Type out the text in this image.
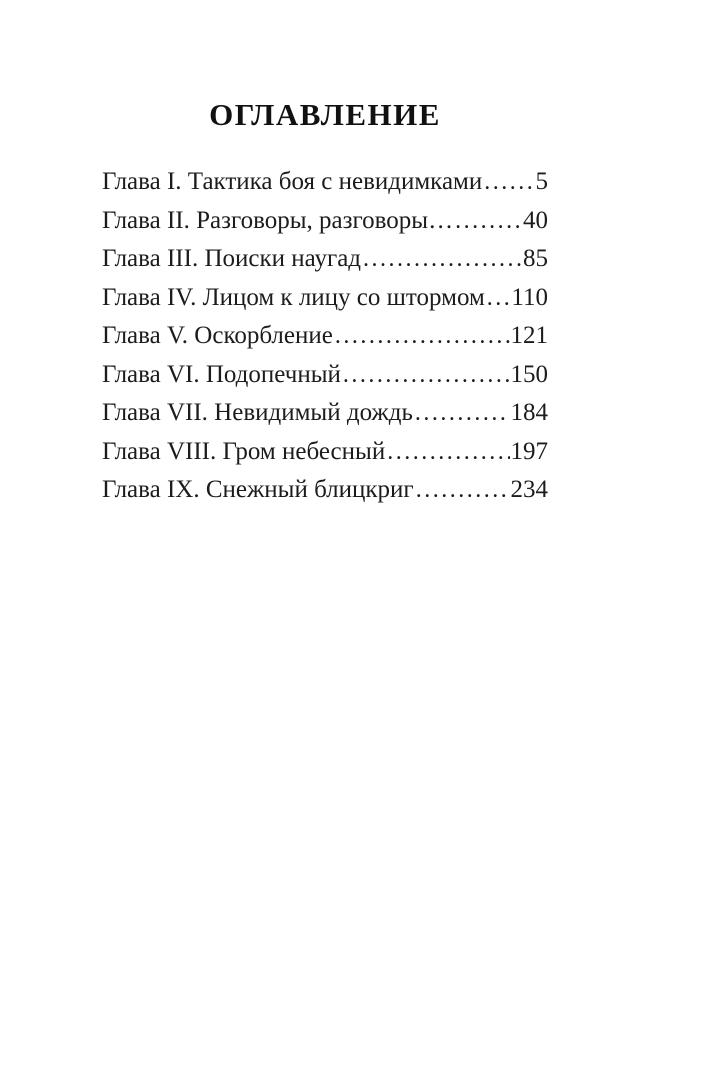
ОГЛАВЛЕНИЕ
Глава I. Тактика боя с невидимками ..... 5
Глава II. Разговоры, разговоры… .....	40
Глава III. Поиски наугад .....	85
Глава IV. Лицом к лицу со штормом ..... 110
Глава V. Оскорбление .....	121
Глава VI. Подопечный .....	150
Глава VII. Невидимый дождь .....	184
Глава VIII. Гром небесный .....	197
Глава IX. Снежный блицкриг .....	234
